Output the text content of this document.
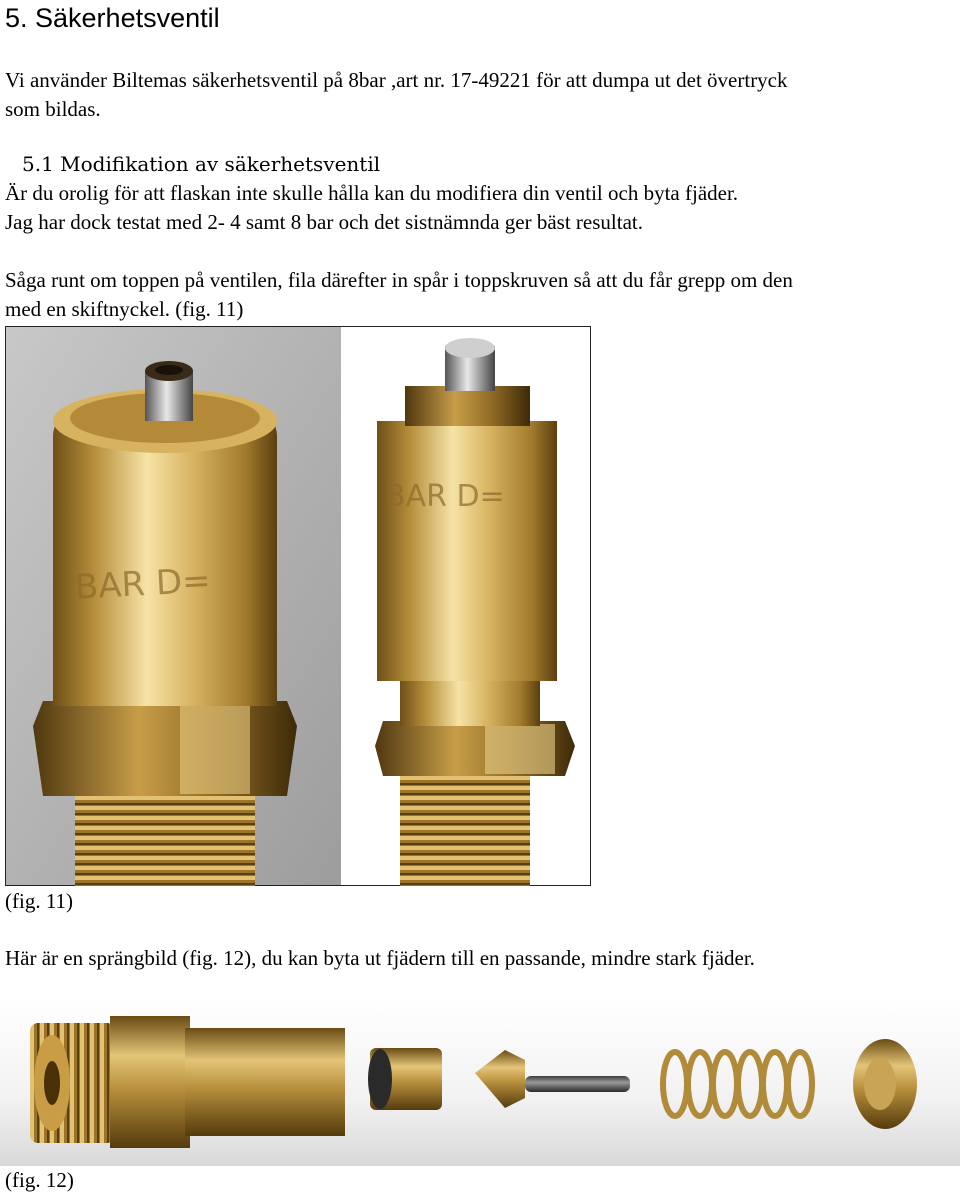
5. Säkerhetsventil
Vi använder Biltemas säkerhetsventil på 8bar ,art nr. 17-49221 för att dumpa ut det övertryck
som bildas.
5.1 Modifikation av säkerhetsventil
Är du orolig för att flaskan inte skulle hålla kan du modifiera din ventil och byta fjäder.
Jag har dock testat med 2- 4 samt 8 bar och det sistnämnda ger bäst resultat.
Såga runt om toppen på ventilen, fila därefter in spår i toppskruven så att du får grepp om den
med en skiftnyckel. (fig. 11)
BAR D=
BAR D=
(fig. 11)
Här är en sprängbild (fig. 12), du kan byta ut fjädern till en passande, mindre stark fjäder.
(fig. 12)
